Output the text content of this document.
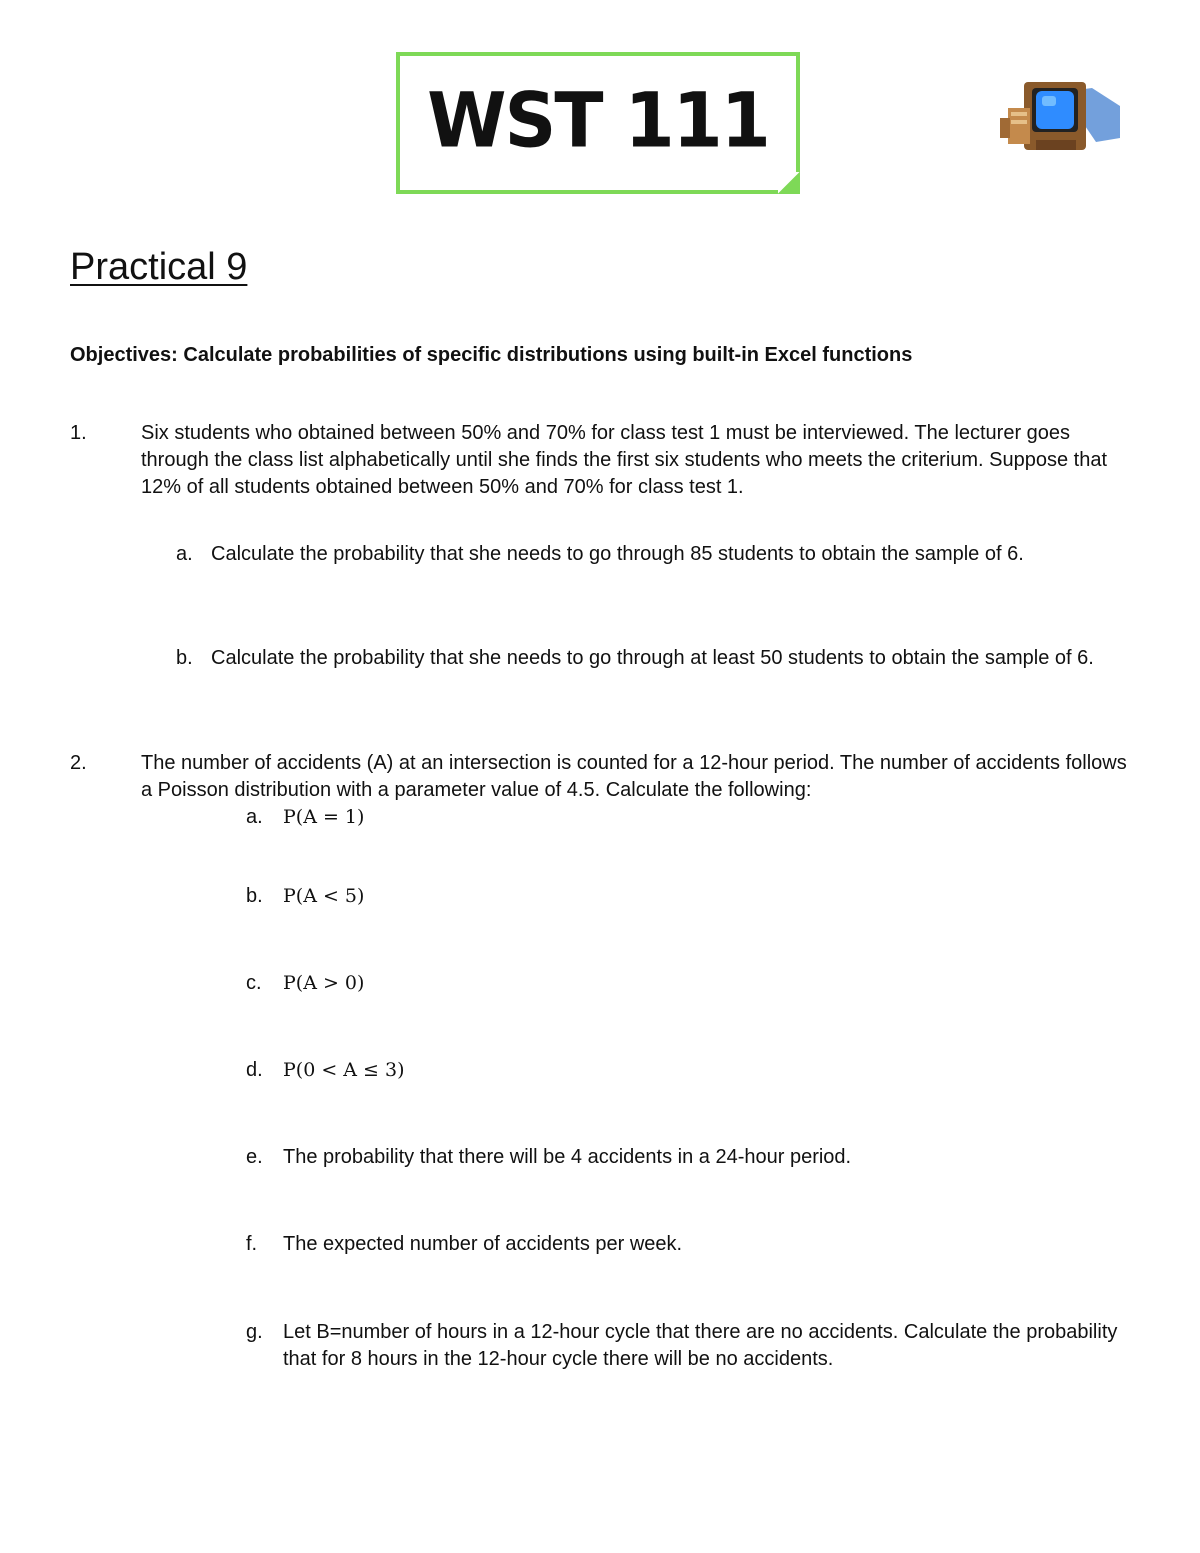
WST 111
Practical 9

Objectives: Calculate probabilities of specific distributions using built-in Excel functions

1.	Six students who obtained between 50% and 70% for class test 1 must be interviewed. The lecturer goes through the class list alphabetically until she finds the first six students who meets the criterium. Suppose that 12% of all students obtained between 50% and 70% for class test 1.

a. Calculate the probability that she needs to go through 85 students to obtain the sample of 6.

b. Calculate the probability that she needs to go through at least 50 students to obtain the sample of 6.

2.	The number of accidents (A) at an intersection is counted for a 12-hour period. The number of accidents follows a Poisson distribution with a parameter value of 4.5. Calculate the following:

a. P(A = 1)
b. P(A < 5)
c. P(A > 0)
d. P(0 < A ≤ 3)
e. The probability that there will be 4 accidents in a 24-hour period.

f. The expected number of accidents per week.

g. Let B=number of hours in a 12-hour cycle that there are no accidents. Calculate the probability that for 8 hours in the 12-hour cycle there will be no accidents.
